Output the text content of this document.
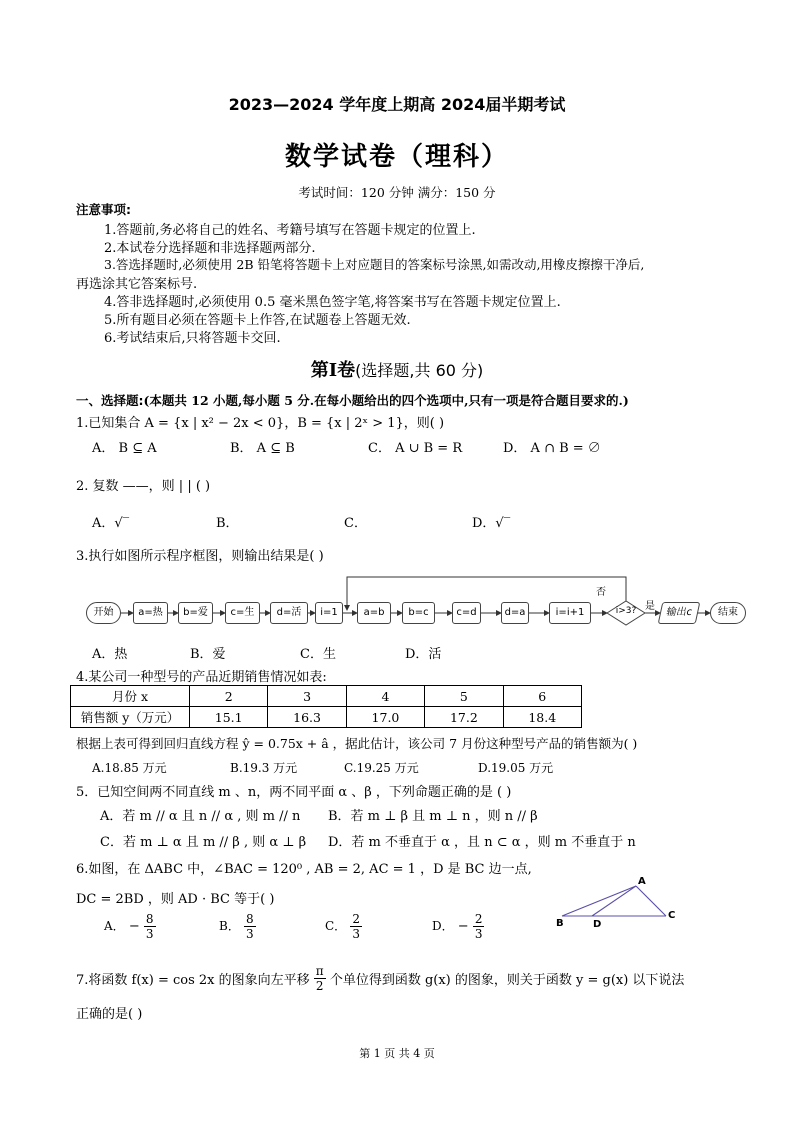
2023—2024 学年度上期高 2024届半期考试
数学试卷（理科）
考试时间：120 分钟 满分：150 分
注意事项:
1.答题前,务必将自己的姓名、考籍号填写在答题卡规定的位置上.
2.本试卷分选择题和非选择题两部分.
3.答选择题时,必须使用 2B 铅笔将答题卡上对应题目的答案标号涂黑,如需改动,用橡皮擦擦干净后,
再选涂其它答案标号.
4.答非选择题时,必须使用 0.5 毫米黑色签字笔,将答案书写在答题卡规定位置上.
5.所有题目必须在答题卡上作答,在试题卷上答题无效.
6.考试结束后,只将答题卡交回.
第Ⅰ卷(选择题,共 60 分)
一、选择题:(本题共 12 小题,每小题 5 分.在每小题给出的四个选项中,只有一项是符合题目要求的.)
1.已知集合 A = {x | x² − 2x < 0}，B = {x | 2ˣ > 1}，则( )
A． B ⊆ A	B． A ⊆ B	C． A ∪ B = R	D． A ∩ B = ∅
2. 复数 ——，则 | | ( )
A．√‾	B．	C．	D．√‾
3.执行如图所示程序框图，则输出结果是( )
开始	a=热	b=爱	c=生	d=活	i=1	a=b	b=c	c=d	d=a	i=i+1	i>3?
否
是
输出c	结束
A．热	B．爱	C．生	D．活
4.某公司一种型号的产品近期销售情况如表:
月份 x	2	3	4	5	6
销售额 y（万元）	15.1	16.3	17.0	17.2	18.4
根据上表可得到回归直线方程 ŷ = 0.75x + â ，据此估计，该公司 7 月份这种型号产品的销售额为( )
A.18.85 万元	B.19.3 万元	C.19.25 万元	D.19.05 万元
5．已知空间两不同直线 m 、n，两不同平面 α 、β ，下列命题正确的是 ( )
A．若 m // α 且 n // α , 则 m // n B．若 m ⊥ β 且 m ⊥ n ，则 n // β
C．若 m ⊥ α 且 m // β , 则 α ⊥ β D．若 m 不垂直于 α ，且 n ⊂ α ，则 m 不垂直于 n
6.如图，在 ΔABC 中，∠BAC = 120⁰ , AB = 2, AC = 1 ，D 是 BC 边一点,
DC = 2BD ，则 AD · BC 等于( )
A
B	D
C
A． − $\frac{8}{3}$	B． $\frac{8}{3}$	C． $\frac{2}{3}$	D． − $\frac{2}{3}$
7.将函数 f(x) = cos 2x 的图象向左平移 $\frac{\pi}{2}$ 个单位得到函数 g(x) 的图象，则关于函数 y = g(x) 以下说法
正确的是( )
第 1 页 共 4 页
